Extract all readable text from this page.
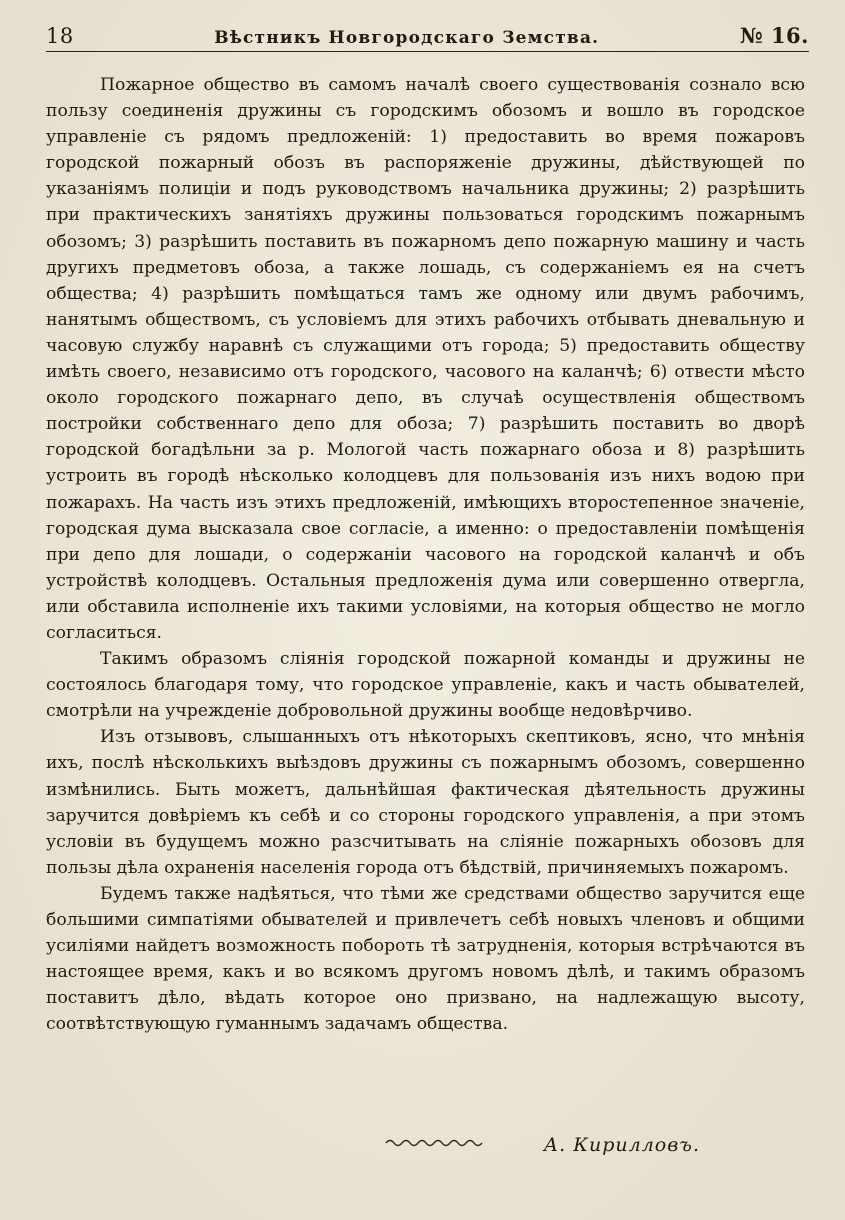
18	Вѣстникъ Новгородскаго Земства.	№ 16.

Пожарное общество въ самомъ началѣ своего существованія сознало всю пользу соединенія дружины съ городскимъ обозомъ и вошло въ городское управленіе съ рядомъ предложеній: 1) предоставить во время пожаровъ городской пожарный обозъ въ распоряженіе дружины, дѣйствующей по указаніямъ полиціи и подъ руководствомъ начальника дружины; 2) разрѣшить при практическихъ занятіяхъ дружины пользоваться городскимъ пожарнымъ обозомъ; 3) разрѣшить поставить въ пожарномъ депо пожарную машину и часть другихъ предметовъ обоза, а также лошадь, съ содержаніемъ ея на счетъ общества; 4) разрѣшить помѣщаться тамъ же одному или двумъ рабочимъ, нанятымъ обществомъ, съ условіемъ для этихъ рабочихъ отбывать дневальную и часовую службу наравнѣ съ служащими отъ города; 5) предоставить обществу имѣть своего, независимо отъ городского, часового на каланчѣ; 6) отвести мѣсто около городского пожарнаго депо, въ случаѣ осуществленія обществомъ постройки собственнаго депо для обоза; 7) разрѣшить поставить во дворѣ городской богадѣльни за р. Мологой часть пожарнаго обоза и 8) разрѣшить устроить въ городѣ нѣсколько колодцевъ для пользованія изъ нихъ водою при пожарахъ. На часть изъ этихъ предложеній, имѣющихъ второстепенное значеніе, городская дума высказала свое согласіе, а именно: о предоставленіи помѣщенія при депо для лошади, о содержаніи часового на городской каланчѣ и объ устройствѣ колодцевъ. Остальныя предложенія дума или совершенно отвергла, или обставила исполненіе ихъ такими условіями, на которыя общество не могло согласиться.

Такимъ образомъ сліянія городской пожарной команды и дружины не состоялось благодаря тому, что городское управленіе, какъ и часть обывателей, смотрѣли на учрежденіе добровольной дружины вообще недовѣрчиво.

Изъ отзывовъ, слышанныхъ отъ нѣкоторыхъ скептиковъ, ясно, что мнѣнія ихъ, послѣ нѣсколькихъ выѣздовъ дружины съ пожарнымъ обозомъ, совершенно измѣнились. Быть можетъ, дальнѣйшая фактическая дѣятельность дружины заручится довѣріемъ къ себѣ и со стороны городского управленія, а при этомъ условіи въ будущемъ можно разсчитывать на сліяніе пожарныхъ обозовъ для пользы дѣла охраненія населенія города отъ бѣдствій, причиняемыхъ пожаромъ.

Будемъ также надѣяться, что тѣми же средствами общество заручится еще большими симпатіями обывателей и привлечетъ себѣ новыхъ членовъ и общими усиліями найдетъ возможность побороть тѣ затрудненія, которыя встрѣчаются въ настоящее время, какъ и во всякомъ другомъ новомъ дѣлѣ, и такимъ образомъ поставитъ дѣло, вѣдать которое оно призвано, на надлежащую высоту, соотвѣтствующую гуманнымъ задачамъ общества.

А. Кирилловъ.
